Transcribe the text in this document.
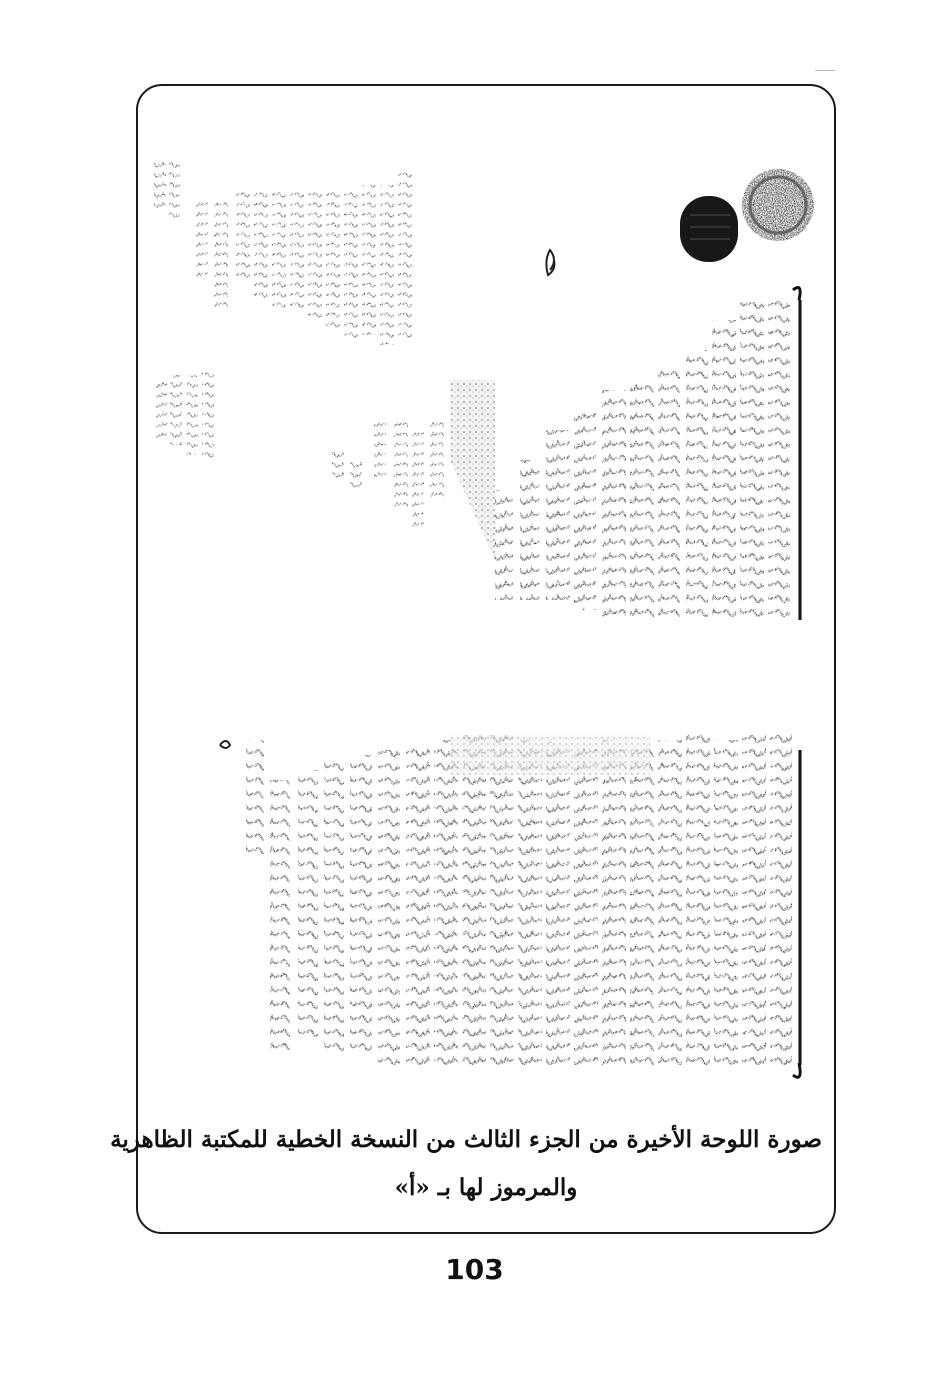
صورة اللوحة الأخيرة من الجزء الثالث من النسخة الخطية للمكتبة الظاهرية
والمرموز لها بـ «أ»
103
